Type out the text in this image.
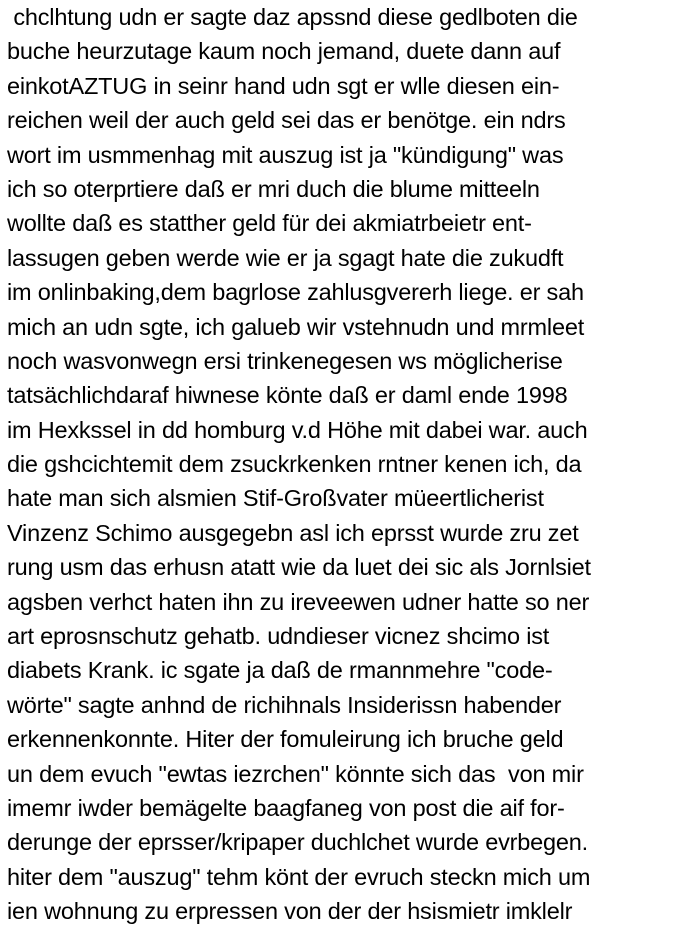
chclhtung udn er sagte daz apssnd diese gedlboten die
buche heurzutage kaum noch jemand, duete dann auf
einkotAZTUG in seinr hand udn sgt er wlle diesen ein-
reichen weil der auch geld sei das er benötge. ein ndrs
wort im usmmenhag mit auszug ist ja "kündigung" was
ich so oterprtiere daß er mri duch die blume mitteeln
wollte daß es statther geld für dei akmiatrbeietr ent-
lassugen geben werde wie er ja sgagt hate die zukudft
im onlinbaking,dem bagrlose zahlusgvererh liege. er sah
mich an udn sgte, ich galueb wir vstehnudn und mrmleet
noch wasvonwegn ersi trinkenegesen ws möglicherise
tatsächlichdaraf hiwnese könte daß er daml ende 1998
im Hexkssel in dd homburg v.d Höhe mit dabei war. auch
die gshcichtemit dem zsuckrkenken rntner kenen ich, da
hate man sich alsmien Stif-Großvater müeertlicherist
Vinzenz Schimo ausgegebn asl ich eprsst wurde zru zet
rung usm das erhusn atatt wie da luet dei sic als Jornlsiet
agsben verhct haten ihn zu ireveewen udner hatte so ner
art eprosnschutz gehatb. udndieser vicnez shcimo ist
diabets Krank. ic sgate ja daß de rmannmehre "code-
wörte" sagte anhnd de richihnals Insiderissn habender
erkennenkonnte. Hiter der fomuleirung ich bruche geld
un dem evuch "ewtas iezrchen" könnte sich das  von mir
imemr iwder bemägelte baagfaneg von post die aif for-
derunge der eprsser/kripaper duchlchet wurde evrbegen.
hiter dem "auszug" tehm könt der evruch steckn mich um
ien wohnung zu erpressen von der der hsismietr imklelr
